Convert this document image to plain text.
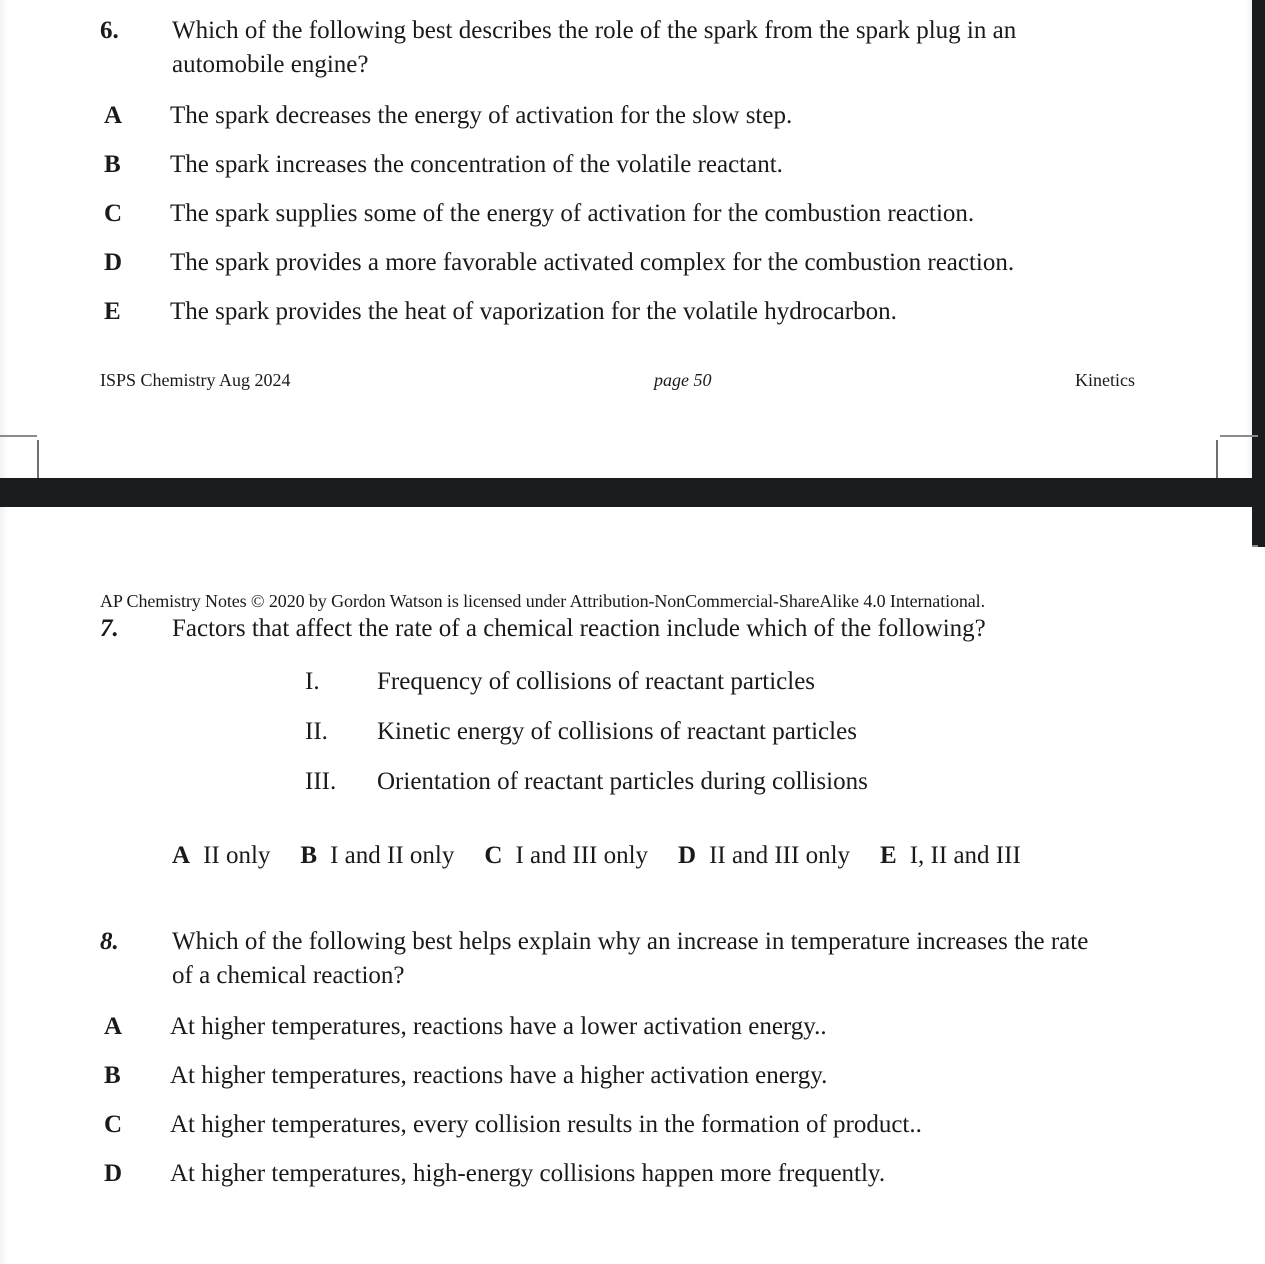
6.	Which of the following best describes the role of the spark from the spark plug in an automobile engine?
A	The spark decreases the energy of activation for the slow step.
B	The spark increases the concentration of the volatile reactant.
C	The spark supplies some of the energy of activation for the combustion reaction.
D	The spark provides a more favorable activated complex for the combustion reaction.
E	The spark provides the heat of vaporization for the volatile hydrocarbon.
ISPS Chemistry Aug 2024	page 50	Kinetics
AP Chemistry Notes © 2020 by Gordon Watson is licensed under Attribution-NonCommercial-ShareAlike 4.0 International.
7.	Factors that affect the rate of a chemical reaction include which of the following?
I.	Frequency of collisions of reactant particles
II.	Kinetic energy of collisions of reactant particles
III.	Orientation of reactant particles during collisions
A II only B I and II only C I and III only D II and III only E I, II and III
8.	Which of the following best helps explain why an increase in temperature increases the rate of a chemical reaction?
A	At higher temperatures, reactions have a lower activation energy..
B	At higher temperatures, reactions have a higher activation energy.
C	At higher temperatures, every collision results in the formation of product..
D	At higher temperatures, high-energy collisions happen more frequently.
